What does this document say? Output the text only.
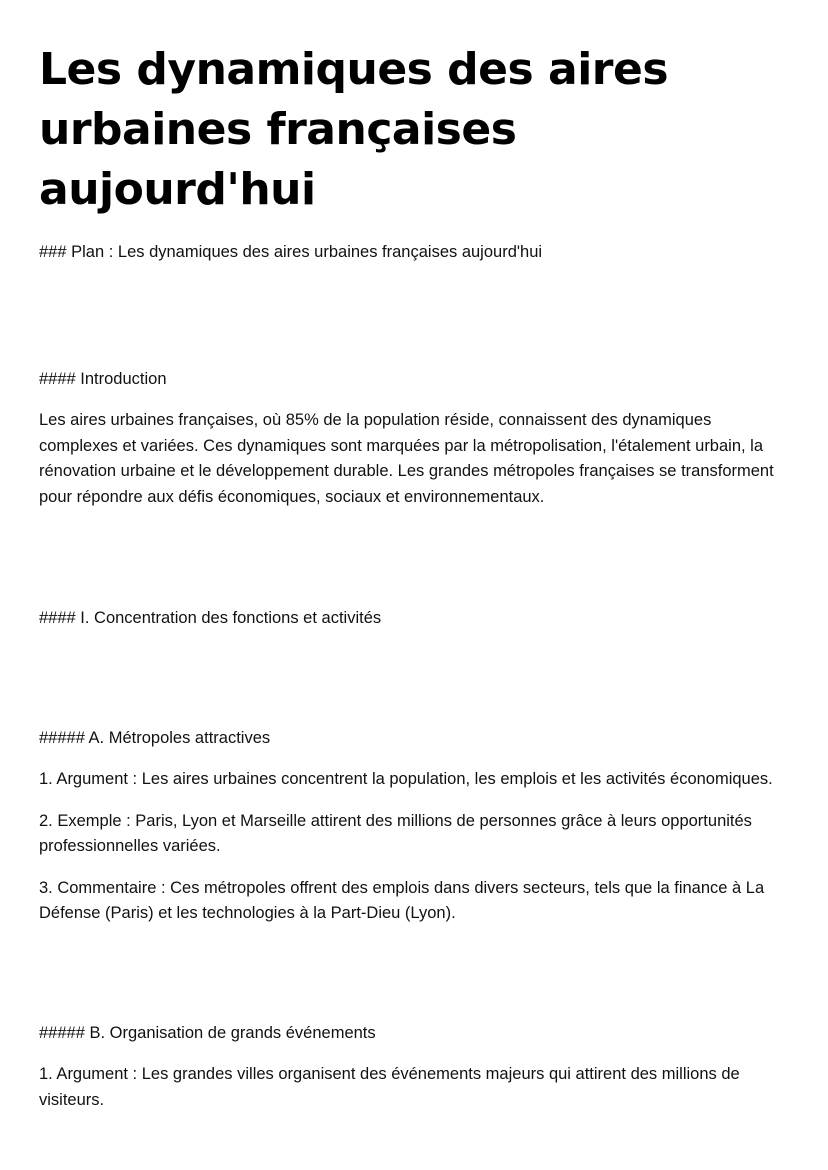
Les dynamiques des aires urbaines françaises aujourd'hui

### Plan : Les dynamiques des aires urbaines françaises aujourd'hui

#### Introduction

Les aires urbaines françaises, où 85% de la population réside, connaissent des dynamiques complexes et variées. Ces dynamiques sont marquées par la métropolisation, l'étalement urbain, la rénovation urbaine et le développement durable. Les grandes métropoles françaises se transforment pour répondre aux défis économiques, sociaux et environnementaux.

#### I. Concentration des fonctions et activités

##### A. Métropoles attractives

1. Argument : Les aires urbaines concentrent la population, les emplois et les activités économiques.

2. Exemple : Paris, Lyon et Marseille attirent des millions de personnes grâce à leurs opportunités professionnelles variées.

3. Commentaire : Ces métropoles offrent des emplois dans divers secteurs, tels que la finance à La Défense (Paris) et les technologies à la Part-Dieu (Lyon).

##### B. Organisation de grands événements

1. Argument : Les grandes villes organisent des événements majeurs qui attirent des millions de visiteurs.
